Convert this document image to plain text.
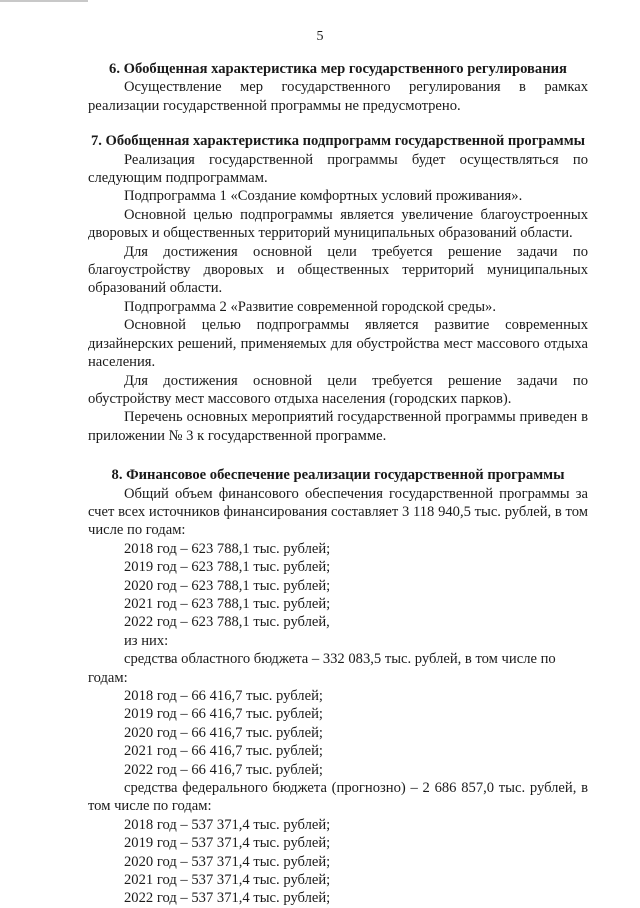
5

6. Обобщенная характеристика мер государственного регулирования

Осуществление мер государственного регулирования в рамках реализации государственной программы не предусмотрено.

7. Обобщенная характеристика подпрограмм государственной программы

Реализация государственной программы будет осуществляться по следующим подпрограммам.

Подпрограмма 1 «Создание комфортных условий проживания».

Основной целью подпрограммы является увеличение благоустроенных дворовых и общественных территорий муниципальных образований области.

Для достижения основной цели требуется решение задачи по благоустройству дворовых и общественных территорий муниципальных образований области.

Подпрограмма 2 «Развитие современной городской среды».

Основной целью подпрограммы является развитие современных дизайнерских решений, применяемых для обустройства мест массового отдыха населения.

Для достижения основной цели требуется решение задачи по обустройству мест массового отдыха населения (городских парков).

Перечень основных мероприятий государственной программы приведен в приложении № 3 к государственной программе.

8. Финансовое обеспечение реализации государственной программы

Общий объем финансового обеспечения государственной программы за счет всех источников финансирования составляет 3 118 940,5 тыс. рублей, в том числе по годам:

2018 год – 623 788,1 тыс. рублей;

2019 год – 623 788,1 тыс. рублей;

2020 год – 623 788,1 тыс. рублей;

2021 год – 623 788,1 тыс. рублей;

2022 год – 623 788,1 тыс. рублей,

из них:

средства областного бюджета – 332 083,5 тыс. рублей, в том числе по годам:

2018 год – 66 416,7 тыс. рублей;

2019 год – 66 416,7 тыс. рублей;

2020 год – 66 416,7 тыс. рублей;

2021 год – 66 416,7 тыс. рублей;

2022 год – 66 416,7 тыс. рублей;

средства федерального бюджета (прогнозно) – 2 686 857,0 тыс. рублей, в том числе по годам:

2018 год – 537 371,4 тыс. рублей;

2019 год – 537 371,4 тыс. рублей;

2020 год – 537 371,4 тыс. рублей;

2021 год – 537 371,4 тыс. рублей;

2022 год – 537 371,4 тыс. рублей;
